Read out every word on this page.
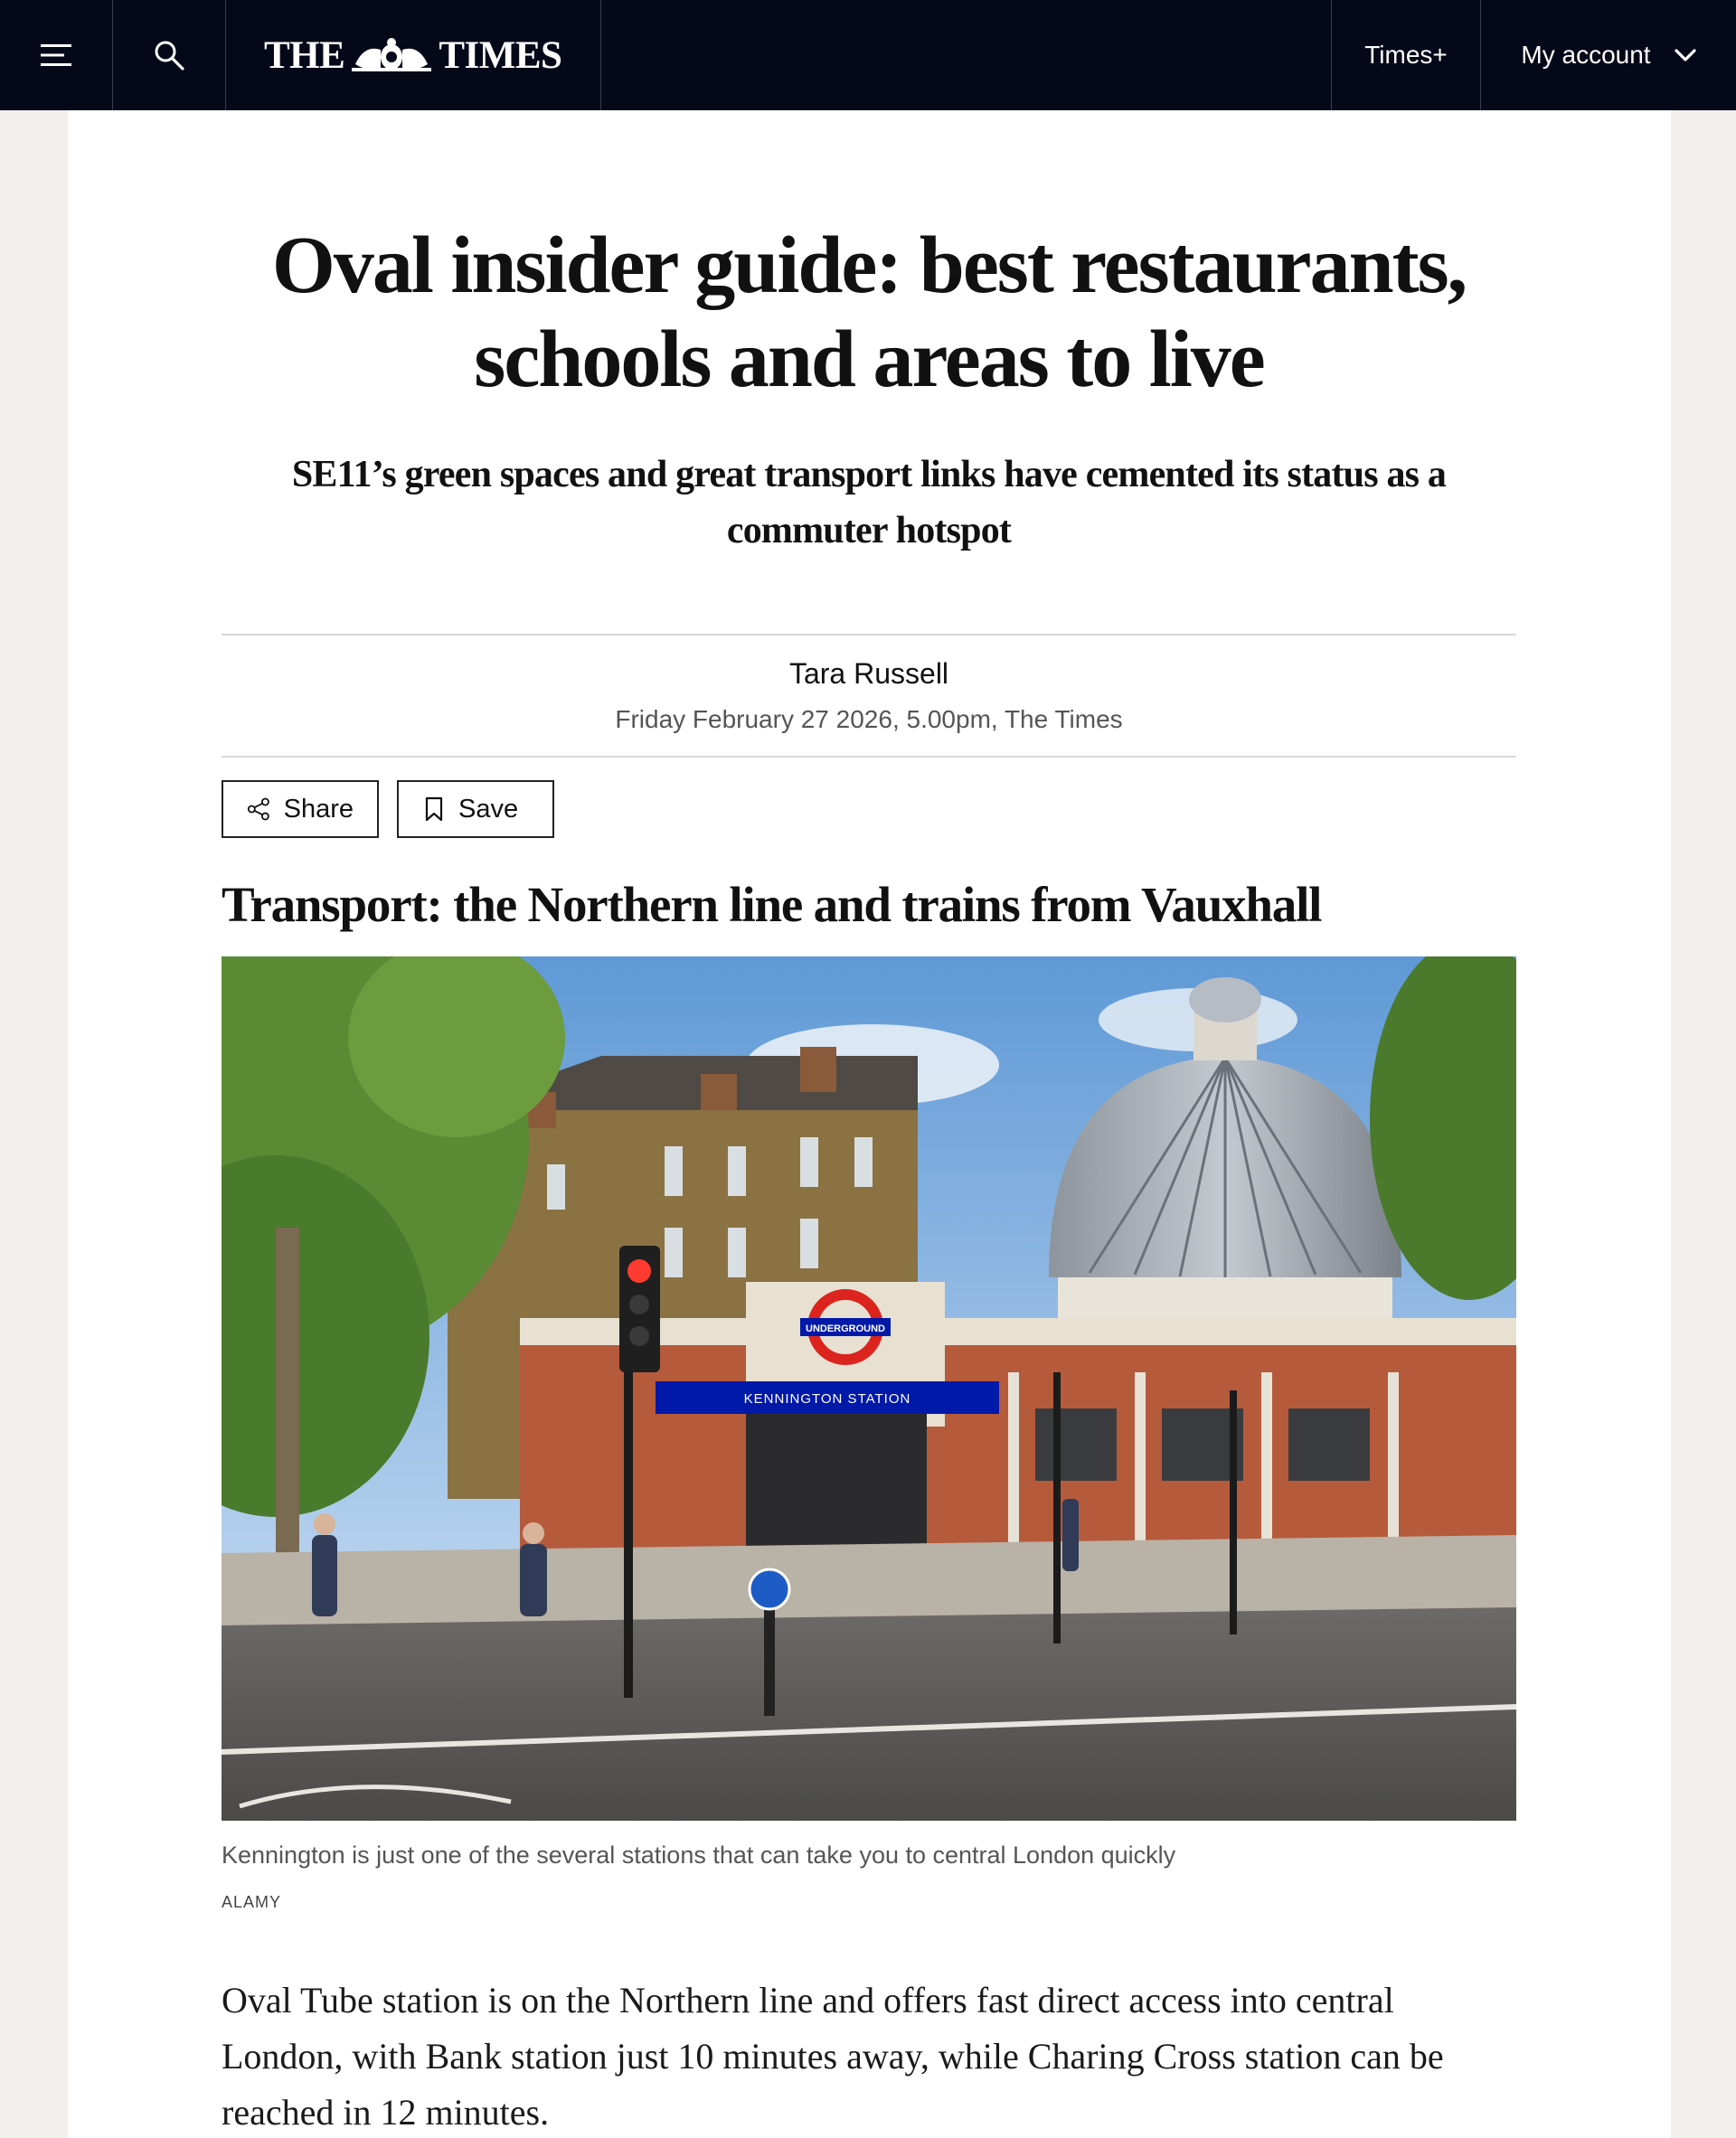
THE TIMES	Times+	My account
Oval insider guide: best restaurants, schools and areas to live

SE11’s green spaces and great transport links have cemented its status as a commuter hotspot

Tara Russell
Friday February 27 2026, 5.00pm, The Times
Share	Save
Transport: the Northern line and trains from Vauxhall
UNDERGROUND
KENNINGTON STATION

Kennington is just one of the several stations that can take you to central London quickly

ALAMY

Oval Tube station is on the Northern line and offers fast direct access into central London, with Bank station just 10 minutes away, while Charing Cross station can be reached in 12 minutes.
